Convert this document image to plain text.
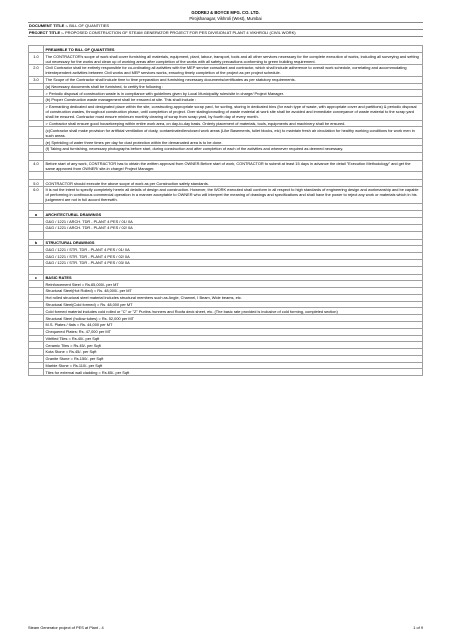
GODREJ & BOYCE MFG. CO. LTD.
Pirojshanagar, Vikhroli (West), Mumbai
DOCUMENT TITLE :- BILL OF QUANTITIES
PROJECT TITLE :- PROPOSED CONSTRUCTION OF STEAM GENERATOR PROJECT FOR PES DIVISION AT PLANT 4 VIKHROLI (CIVIL WORK)
	PREAMBLE TO BILL OF QUANTITIES
1.0	The CONTRACTOR's scope of work shall cover furnishing all materials, equipment, plant, labour, transport, tools and all other services necessary for the complete execution of works, including all surveying and setting out necessary for the works and clean up of working areas after completion of the works with all safety precautions conforming to green building requirement.
2.0	Civil Contractor shall be entirely responsible for co-ordinating all activities with the MEP service consultant and contractor, which shall include adherence to overall work schedule, correlating and accommodating interdependent activities between Civil works and MEP services works, ensuring timely completion of the project as per project schedule.
3.0	The Scope of the Contractor shall include time to time preparation and furnishing necessary documents/certificates as per statutory requirements.
	(a) Necessary documents shall be furnished, to certify the following :
	> Periodic disposal of construction waste is in compliance with guidelines given by Local Municipality rules/site in charge/ Project Manager.
	(b) Proper Construction waste management shall be ensured at site. This shall include :
	> Earmarking dedicated and designated place within the site, constructing appropriate scrap yard, for sorting, storing in dedicated bins (for each type of waste, with appropriate cover and partitions) & periodic disposal of construction wastes, throughout construction phase, until completion of project. Over stating/crowding of waste material at work site shall be avoided and immediate conveyance of waste material to the scrap yard shall be ensured. Contractor must ensure minimum monthly clearing of scrap from scrap yard, by fourth day of every month.
	> Contractor shall ensure good housekeeping within entire work area, on day-to-day basis. Orderly placement of materials, tools, equipments and machinery shall be ensured.
	(c)Contractor shall make provision for artificial ventilation of dusty, contaminated/enclosed work areas (Like Basements, toilet blocks, etc) to maintain fresh air circulation for healthy working conditions for work men in such areas.
	(e) Sprinkling of water three times per day for dust protection within the demarcated area is to be done.
	(f) Taking and furnishing, necessary photographs before start, during construction and after completion of each of the activities and whenever required as deemed necessary.

4.0	Before start of any work, CONTRACTOR has to obtain the written approval from OWNER.Before start of work, CONTRACTOR to submit at least 15 days in advance the detail "Execution Methodology" and get the same approved from OWNER/ site-in charge/ Project Manager.

5.0	CONTRACTOR should execute the above scope of work as per Construction safety standards.
6.0	It is not the intent to specify completely herein all details of design and construction. However, the WORK executed shall conform in all respect to high standards of engineering design and workmanship and be capable of performing in continuous commercial operation in a manner acceptable to OWNER who will interpret the meaning of drawings and specifications and shall have the power to reject any work or materials which in his judgement are not in full accord therewith.

a	ARCHITECTURAL DRAWINGS
	G&G / 1221 / ARCH. TDR - PLANT 4 PES / 01/ 0A
	G&G / 1221 / ARCH. TDR - PLANT 4 PES / 02/ 0A

b	STRUCTURAL DRAWINGS
	G&G / 1221 / STR. TDR - PLANT 4 PES / 01/ 0A
	G&G / 1221 / STR. TDR - PLANT 4 PES / 02/ 0A
	G&G / 1221 / STR. TDR - PLANT 4 PES / 03/ 0A

c	BASIC RATES
	Reinforcement Steel = Rs.65,000/- per MT
	Structural Steel(Hot Rolled) = Rs. 48,000/- per MT
	Hot rolled structural steel material includes structural members such as Angle, Channel, I Beam, Wide beams, etc.
	Structural Steel(Cold formed) = Rs. 48,000 per MT
	Cold formed material includes cold rolled or "C" or "Z" Purlins /runners and Roofa deck sheet, etc. (The basic rate provided is inclusive of cold forming, completed section)
	Structural Steel (hollow tubes) = Rs. 52,000 per MT
	M.S. Plates / flats = Rs. 44,000 per MT
	Chequered Plates: Rs. 47,000 per MT
	Vitrified Tiles = Rs.40/- per Sqft
	Ceramic Tiles = Rs.45/- per Sqft
	Kota Stone = Rs.45/- per Sqft
	Granite Stone = Rs.150/- per Sqft
	Marble Stone = Rs.110/- per Sqft
	Tiles for external wall cladding = Rs.65/- per Sqft
Steam Generator project of PES at Plant - 4	1 of 9
